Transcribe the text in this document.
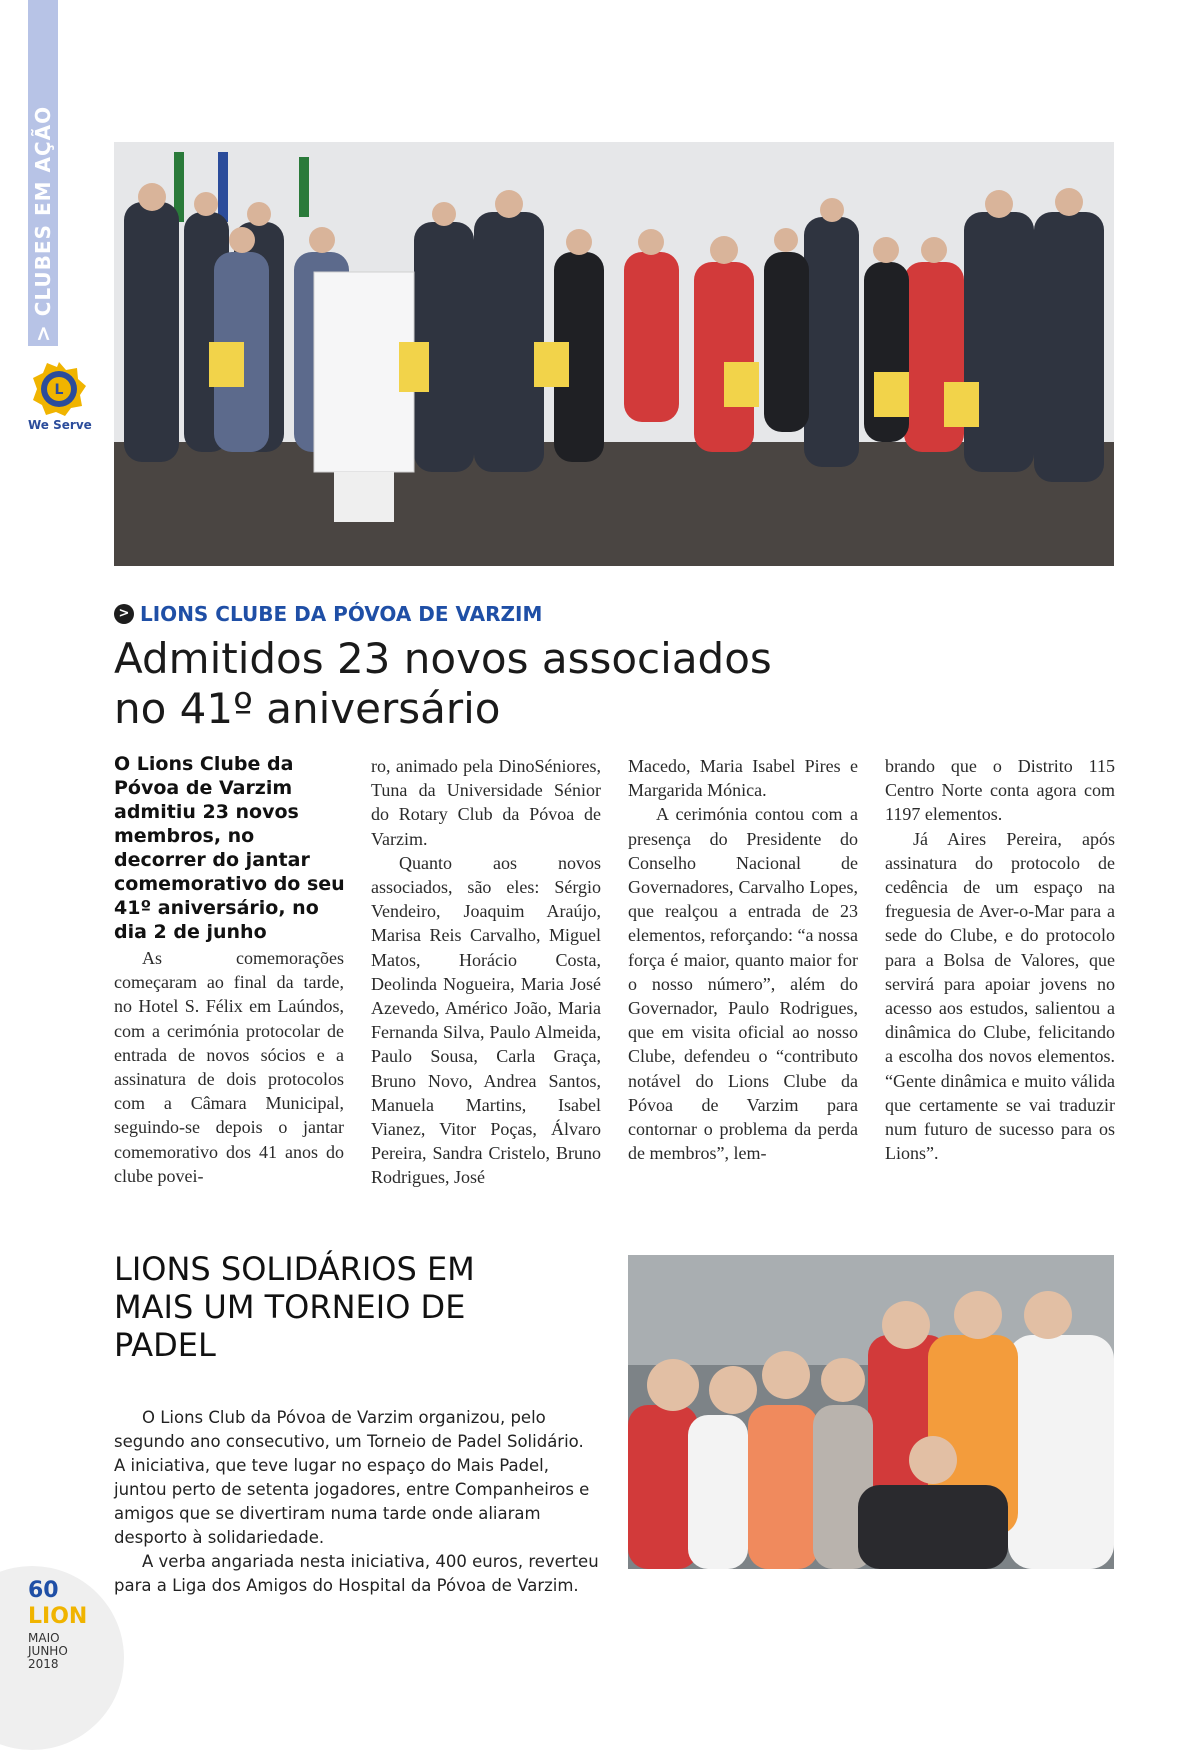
> CLUBES EM AÇÃO
L
We Serve
> LIONS CLUBE DA PÓVOA DE VARZIM
Admitidos 23 novos associados no 41º aniversário
O Lions Clube da Póvoa de Varzim admitiu 23 novos membros, no decorrer do jantar comemorativo do seu 41º aniversário, no dia 2 de junho

As comemorações começaram ao final da tarde, no Hotel S. Félix em Laúndos, com a cerimónia protocolar de entrada de novos sócios e a assinatura de dois protocolos com a Câmara Municipal, seguindo-se depois o jantar comemorativo dos 41 anos do clube povei-

ro, animado pela DinoSéniores, Tuna da Universidade Sénior do Rotary Club da Póvoa de Varzim.

Quanto aos novos associados, são eles: Sérgio Vendeiro, Joaquim Araújo, Marisa Reis Carvalho, Miguel Matos, Horácio Costa, Deolinda Nogueira, Maria José Azevedo, Américo João, Maria Fernanda Silva, Paulo Almeida, Paulo Sousa, Carla Graça, Bruno Novo, Andrea Santos, Manuela Martins, Isabel Vianez, Vitor Poças, Álvaro Pereira, Sandra Cristelo, Bruno Rodrigues, José

Macedo, Maria Isabel Pires e Margarida Mónica.

A cerimónia contou com a presença do Presidente do Conselho Nacional de Governadores, Carvalho Lopes, que realçou a entrada de 23 elementos, reforçando: “a nossa força é maior, quanto maior for o nosso número”, além do Governador, Paulo Rodrigues, que em visita oficial ao nosso Clube, defendeu o “contributo notável do Lions Clube da Póvoa de Varzim para contornar o problema da perda de membros”, lem-

brando que o Distrito 115 Centro Norte conta agora com 1197 elementos.

Já Aires Pereira, após assinatura do protocolo de cedência de um espaço na freguesia de Aver-o-Mar para a sede do Clube, e do protocolo para a Bolsa de Valores, que servirá para apoiar jovens no acesso aos estudos, salientou a dinâmica do Clube, felicitando a escolha dos novos elementos. “Gente dinâmica e muito válida que certamente se vai traduzir num futuro de sucesso para os Lions”.

LIONS SOLIDÁRIOS EM MAIS UM TORNEIO DE PADEL

O Lions Club da Póvoa de Varzim organizou, pelo segundo ano consecutivo, um Torneio de Padel Solidário. A iniciativa, que teve lugar no espaço do Mais Padel, juntou perto de setenta jogadores, entre Companheiros e amigos que se divertiram numa tarde onde aliaram desporto à solidariedade.

A verba angariada nesta iniciativa, 400 euros, reverteu para a Liga dos Amigos do Hospital da Póvoa de Varzim.

60
LION
MAIO
JUNHO
2018
